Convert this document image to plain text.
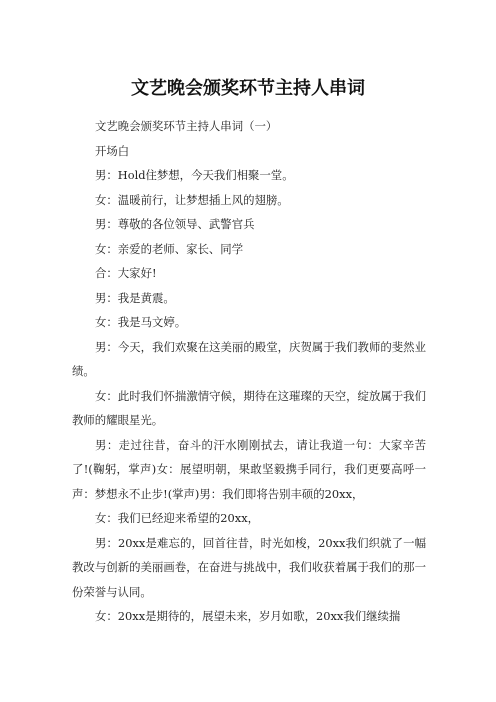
文艺晚会颁奖环节主持人串词

文艺晚会颁奖环节主持人串词（一）

开场白

男：Hold住梦想，今天我们相聚一堂。

女：温暖前行，让梦想插上风的翅膀。

男：尊敬的各位领导、武警官兵

女：亲爱的老师、家长、同学

合：大家好!

男：我是黄震。

女：我是马文婷。

男：今天，我们欢聚在这美丽的殿堂，庆贺属于我们教师的斐然业绩。

女：此时我们怀揣激情守候，期待在这璀璨的天空，绽放属于我们教师的耀眼星光。

男：走过往昔，奋斗的汗水刚刚拭去，请让我道一句：大家辛苦了!(鞠躬，掌声)女：展望明朝，果敢坚毅携手同行，我们更要高呼一声：梦想永不止步!(掌声)男：我们即将告别丰硕的20xx，

女：我们已经迎来希望的20xx，

男：20xx是难忘的，回首往昔，时光如梭，20xx我们织就了一幅教改与创新的美丽画卷，在奋进与挑战中，我们收获着属于我们的那一份荣誉与认同。

女：20xx是期待的，展望未来，岁月如歌，20xx我们继续揣
